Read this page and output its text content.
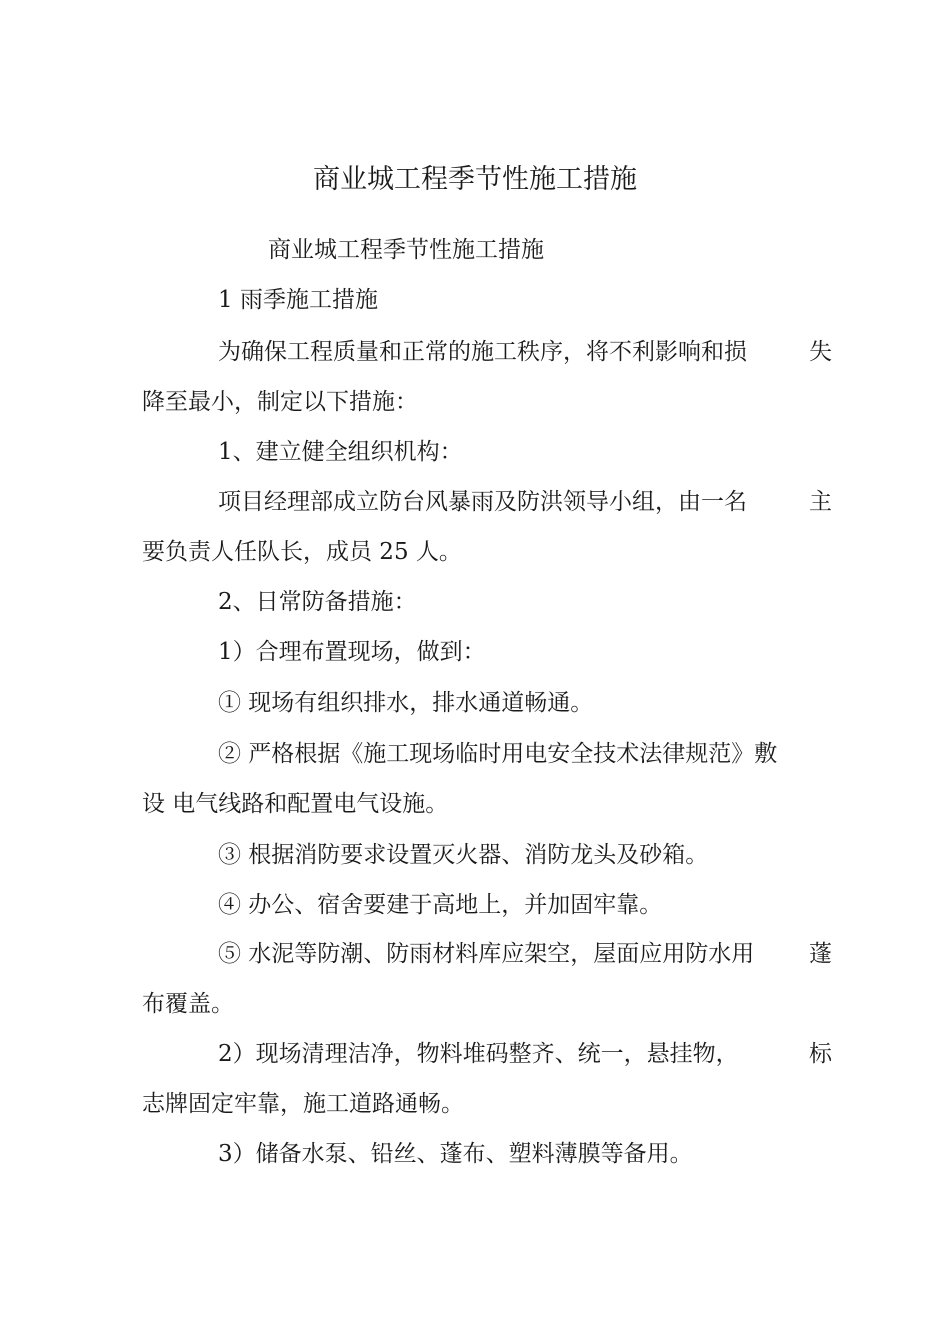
商业城工程季节性施工措施
商业城工程季节性施工措施
1 雨季施工措施
为确保工程质量和正常的施工秩序，将不利影响和损	失
降至最小，制定以下措施：
1、建立健全组织机构：
项目经理部成立防台风暴雨及防洪领导小组，由一名	主
要负责人任队长，成员 25 人。
2、日常防备措施：
1）合理布置现场，做到：
① 现场有组织排水，排水通道畅通。
② 严格根据《施工现场临时用电安全技术法律规范》敷
设 电气线路和配置电气设施。
③ 根据消防要求设置灭火器、消防龙头及砂箱。
④ 办公、宿舍要建于高地上，并加固牢靠。
⑤ 水泥等防潮、防雨材料库应架空，屋面应用防水用 蓬
布覆盖。
2）现场清理洁净，物料堆码整齐、统一，悬挂物，	标
志牌固定牢靠，施工道路通畅。
3）储备水泵、铅丝、蓬布、塑料薄膜等备用。
